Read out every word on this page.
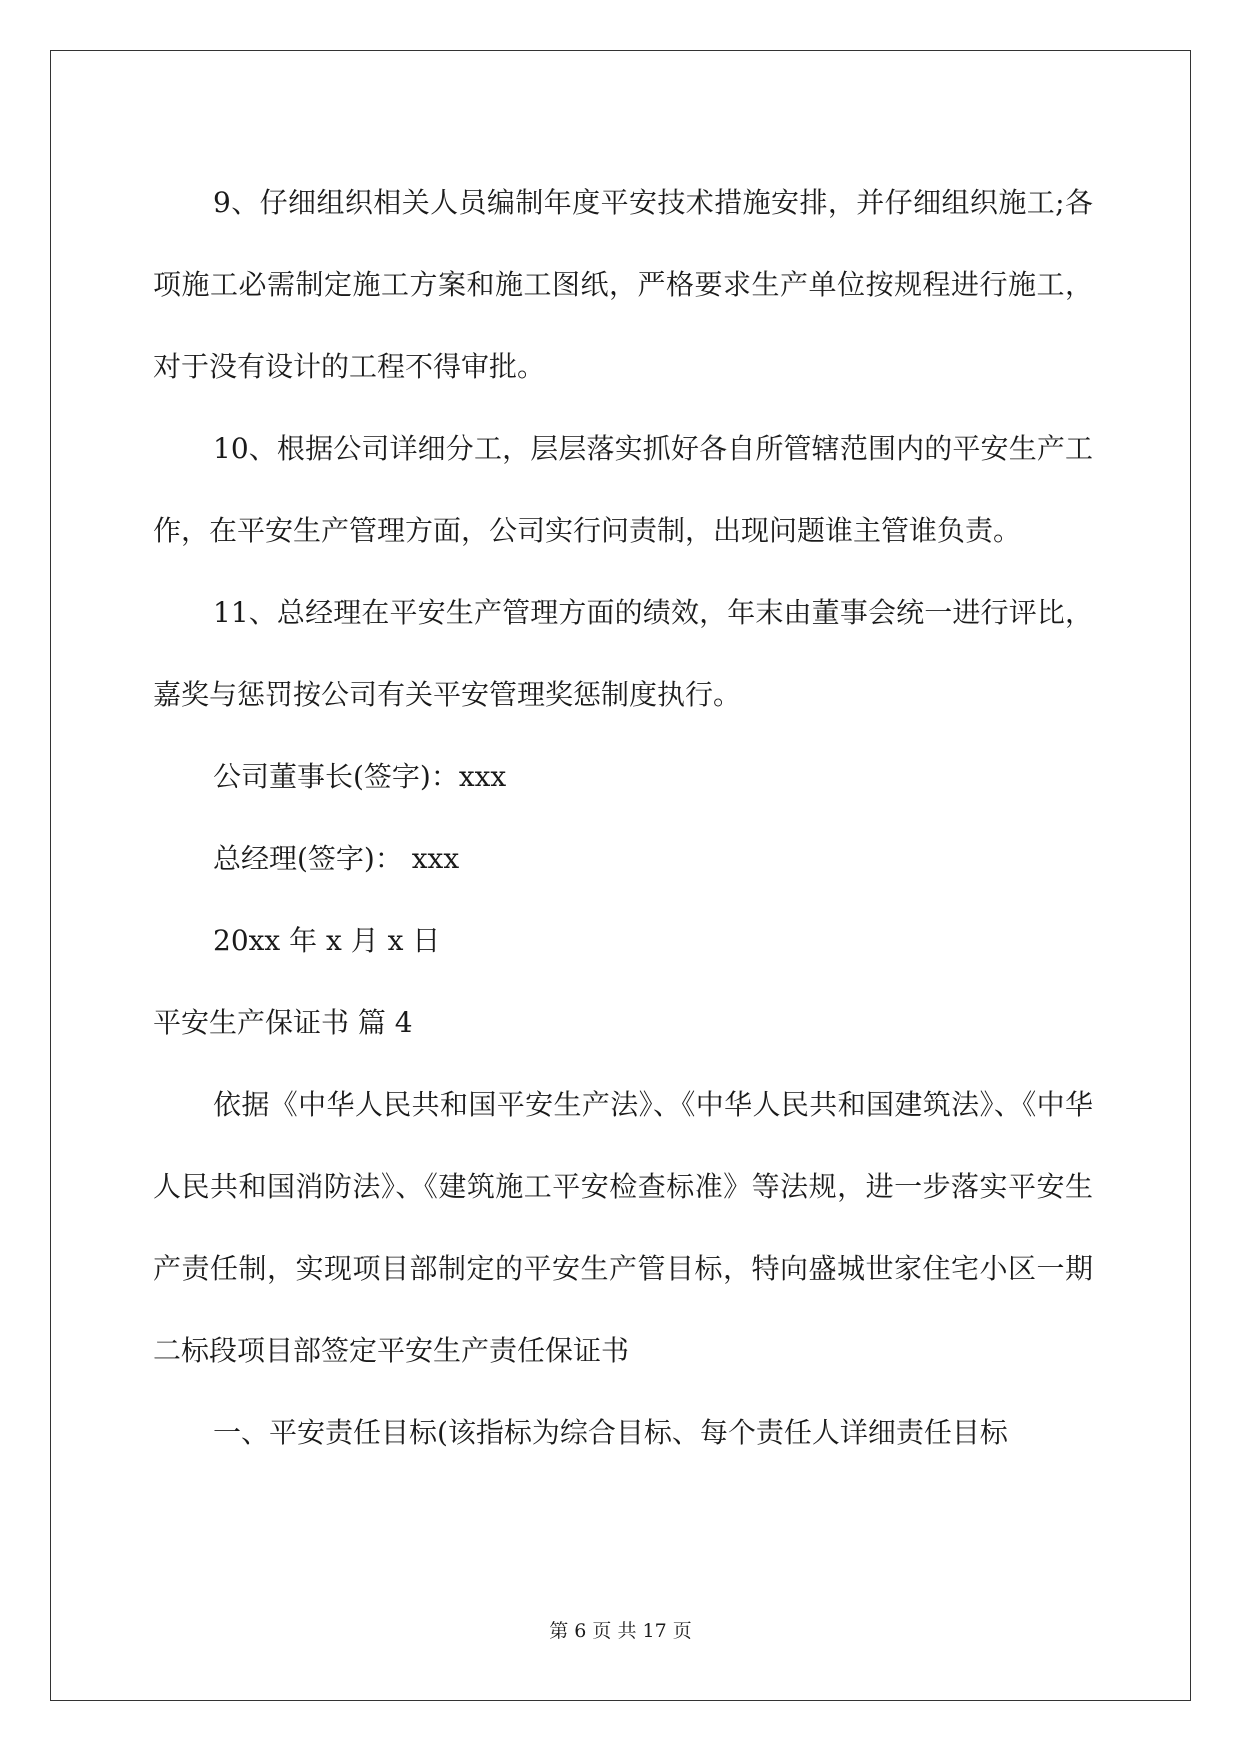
9、仔细组织相关人员编制年度平安技术措施安排，并仔细组织施工;各项施工必需制定施工方案和施工图纸，严格要求生产单位按规程进行施工，对于没有设计的工程不得审批。

10、根据公司详细分工，层层落实抓好各自所管辖范围内的平安生产工作，在平安生产管理方面，公司实行问责制，出现问题谁主管谁负责。

11、总经理在平安生产管理方面的绩效，年末由董事会统一进行评比，嘉奖与惩罚按公司有关平安管理奖惩制度执行。

公司董事长(签字)：xxx

总经理(签字)： xxx

20xx 年 x 月 x 日

平安生产保证书 篇 4

依据《中华人民共和国平安生产法》、《中华人民共和国建筑法》、《中华人民共和国消防法》、《建筑施工平安检查标准》等法规，进一步落实平安生产责任制，实现项目部制定的平安生产管目标，特向盛城世家住宅小区一期二标段项目部签定平安生产责任保证书

一、平安责任目标(该指标为综合目标、每个责任人详细责任目标

第 6 页 共 17 页
